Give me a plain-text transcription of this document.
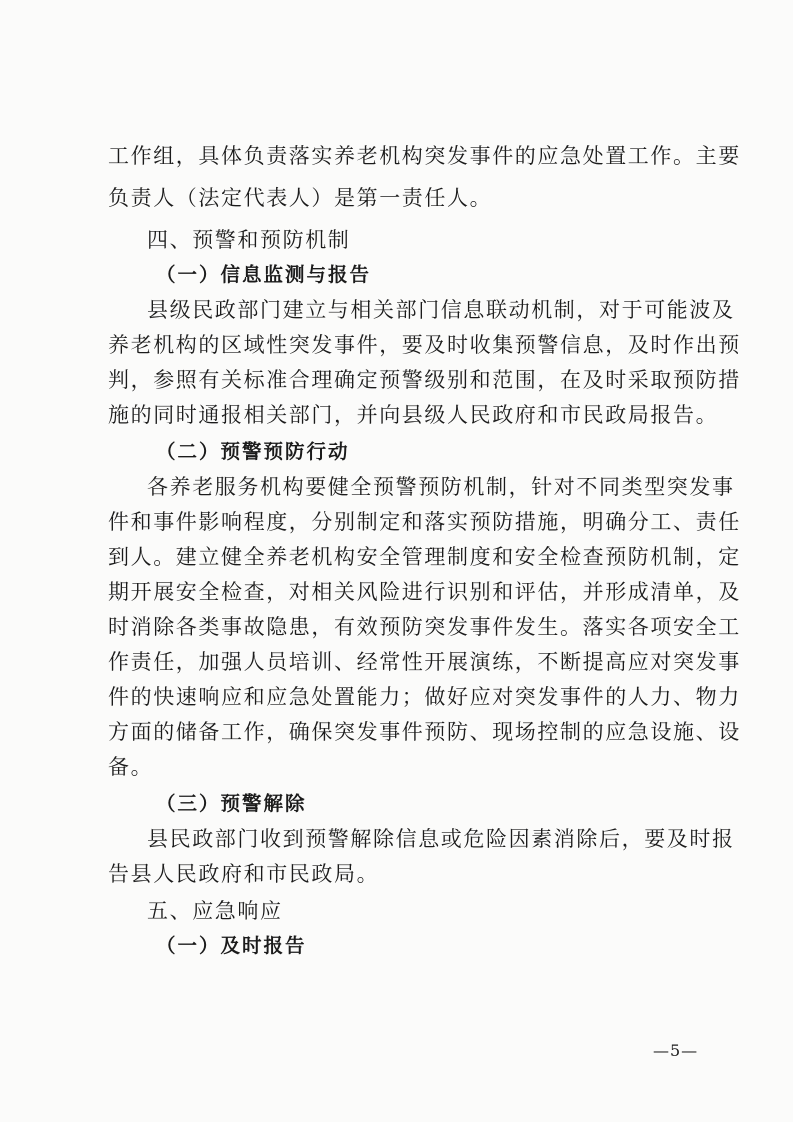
工作组，具体负责落实养老机构突发事件的应急处置工作。主要

负责人（法定代表人）是第一责任人。

四、预警和预防机制

（一）信息监测与报告

县级民政部门建立与相关部门信息联动机制，对于可能波及

养老机构的区域性突发事件，要及时收集预警信息，及时作出预

判，参照有关标准合理确定预警级别和范围，在及时采取预防措

施的同时通报相关部门，并向县级人民政府和市民政局报告。

（二）预警预防行动

各养老服务机构要健全预警预防机制，针对不同类型突发事

件和事件影响程度，分别制定和落实预防措施，明确分工、责任

到人。建立健全养老机构安全管理制度和安全检查预防机制，定

期开展安全检查，对相关风险进行识别和评估，并形成清单，及

时消除各类事故隐患，有效预防突发事件发生。落实各项安全工

作责任，加强人员培训、经常性开展演练，不断提高应对突发事

件的快速响应和应急处置能力；做好应对突发事件的人力、物力

方面的储备工作，确保突发事件预防、现场控制的应急设施、设

备。

（三）预警解除

县民政部门收到预警解除信息或危险因素消除后，要及时报

告县人民政府和市民政局。

五、应急响应

（一）及时报告

—5—
